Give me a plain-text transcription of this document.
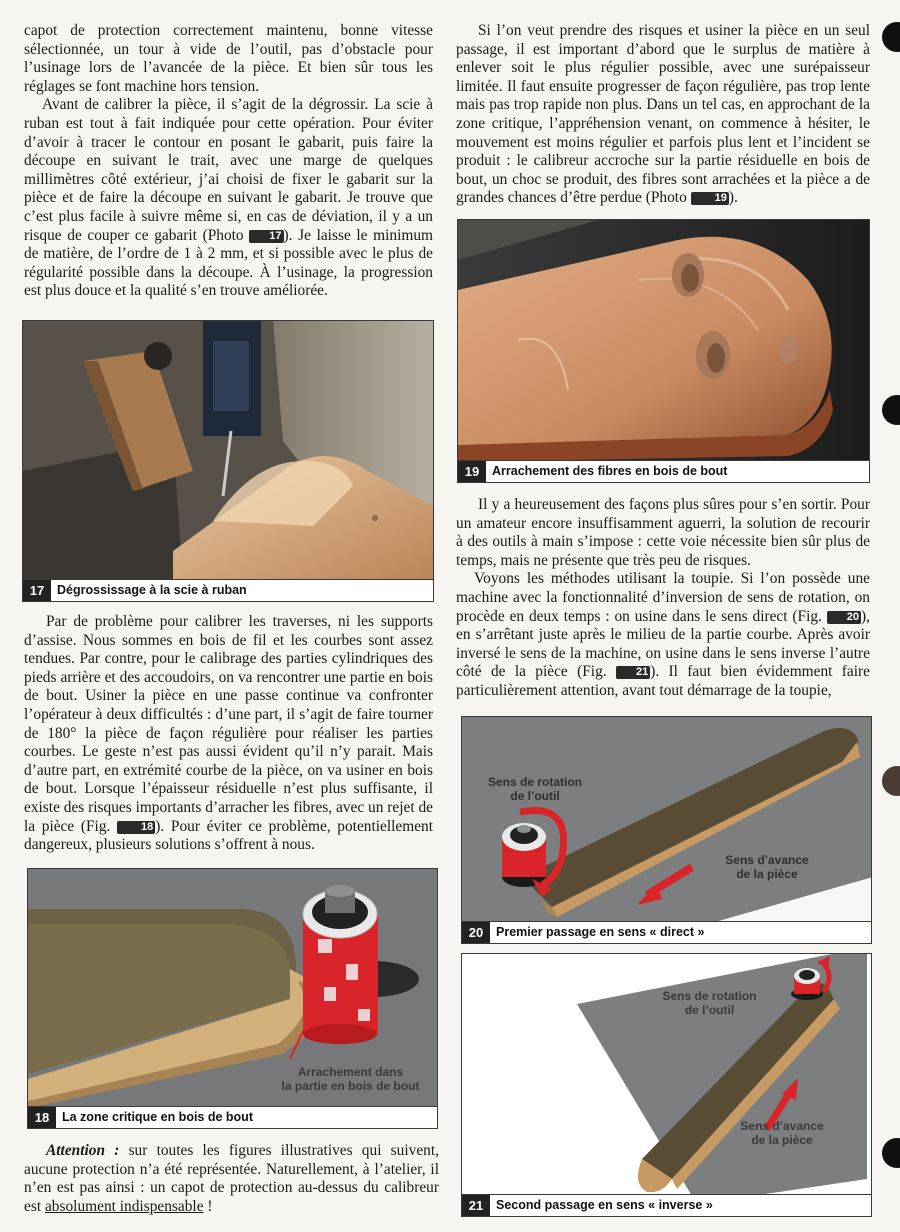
capot de protection correctement maintenu, bonne vitesse sélectionnée, un tour à vide de l’outil, pas d’obstacle pour l’usinage lors de l’avancée de la pièce. Et bien sûr tous les réglages se font machine hors tension.

Avant de calibrer la pièce, il s’agit de la dégrossir. La scie à ruban est tout à fait indiquée pour cette opération. Pour éviter d’avoir à tracer le contour en posant le gabarit, puis faire la découpe en suivant le trait, avec une marge de quelques millimètres côté extérieur, j’ai choisi de fixer le gabarit sur la pièce et de faire la découpe en suivant le gabarit. Je trouve que c’est plus facile à suivre même si, en cas de déviation, il y a un risque de couper ce gabarit (Photo 17 ). Je laisse le minimum de matière, de l’ordre de 1 à 2 mm, et si possible avec le plus de régularité possible dans la découpe. À l’usinage, la progression est plus douce et la qualité s’en trouve améliorée.

17	Dégrossissage à la scie à ruban

Par de problème pour calibrer les traverses, ni les supports d’assise. Nous sommes en bois de fil et les courbes sont assez tendues. Par contre, pour le calibrage des parties cylindriques des pieds arrière et des accoudoirs, on va rencontrer une partie en bois de bout. Usiner la pièce en une passe continue va confronter l’opérateur à deux difficultés : d’une part, il s’agit de faire tourner de 180° la pièce de façon régulière pour réaliser les parties courbes. Le geste n’est pas aussi évident qu’il n’y parait. Mais d’autre part, en extrémité courbe de la pièce, on va usiner en bois de bout. Lorsque l’épaisseur résiduelle n’est plus suffisante, il existe des risques importants d’arracher les fibres, avec un rejet de la pièce (Fig. 18 ). Pour éviter ce problème, potentiellement dangereux, plusieurs solutions s’offrent à nous.

Arrachement dans
la partie en bois de bout
18	La zone critique en bois de bout

Attention : sur toutes les figures illustratives qui suivent, aucune protection n’a été représentée. Naturellement, à l’atelier, il n’en est pas ainsi : un capot de protection au-dessus du calibreur est absolument indispensable !

Si l’on veut prendre des risques et usiner la pièce en un seul passage, il est important d’abord que le surplus de matière à enlever soit le plus régulier possible, avec une surépaisseur limitée. Il faut ensuite progresser de façon régulière, pas trop lente mais pas trop rapide non plus. Dans un tel cas, en approchant de la zone critique, l’appréhension venant, on commence à hésiter, le mouvement est moins régulier et parfois plus lent et l’incident se produit : le calibreur accroche sur la partie résiduelle en bois de bout, un choc se produit, des fibres sont arrachées et la pièce a de grandes chances d’être perdue (Photo 19 ).

19	Arrachement des fibres en bois de bout

Il y a heureusement des façons plus sûres pour s’en sortir. Pour un amateur encore insuffisamment aguerri, la solution de recourir à des outils à main s’impose : cette voie nécessite bien sûr plus de temps, mais ne présente que très peu de risques.

Voyons les méthodes utilisant la toupie. Si l’on possède une machine avec la fonctionnalité d’inversion de sens de rotation, on procède en deux temps : on usine dans le sens direct (Fig. 20 ), en s’arrêtant juste après le milieu de la partie courbe. Après avoir inversé le sens de la machine, on usine dans le sens inverse l’autre côté de la pièce (Fig. 21 ). Il faut bien évidemment faire particulièrement attention, avant tout démarrage de la toupie,

Sens de rotation
de l’outil
Sens d’avance
de la pièce
20	Premier passage en sens « direct »
Sens de rotation
de l’outil
Sens d’avance
de la pièce
21	Second passage en sens « inverse »
